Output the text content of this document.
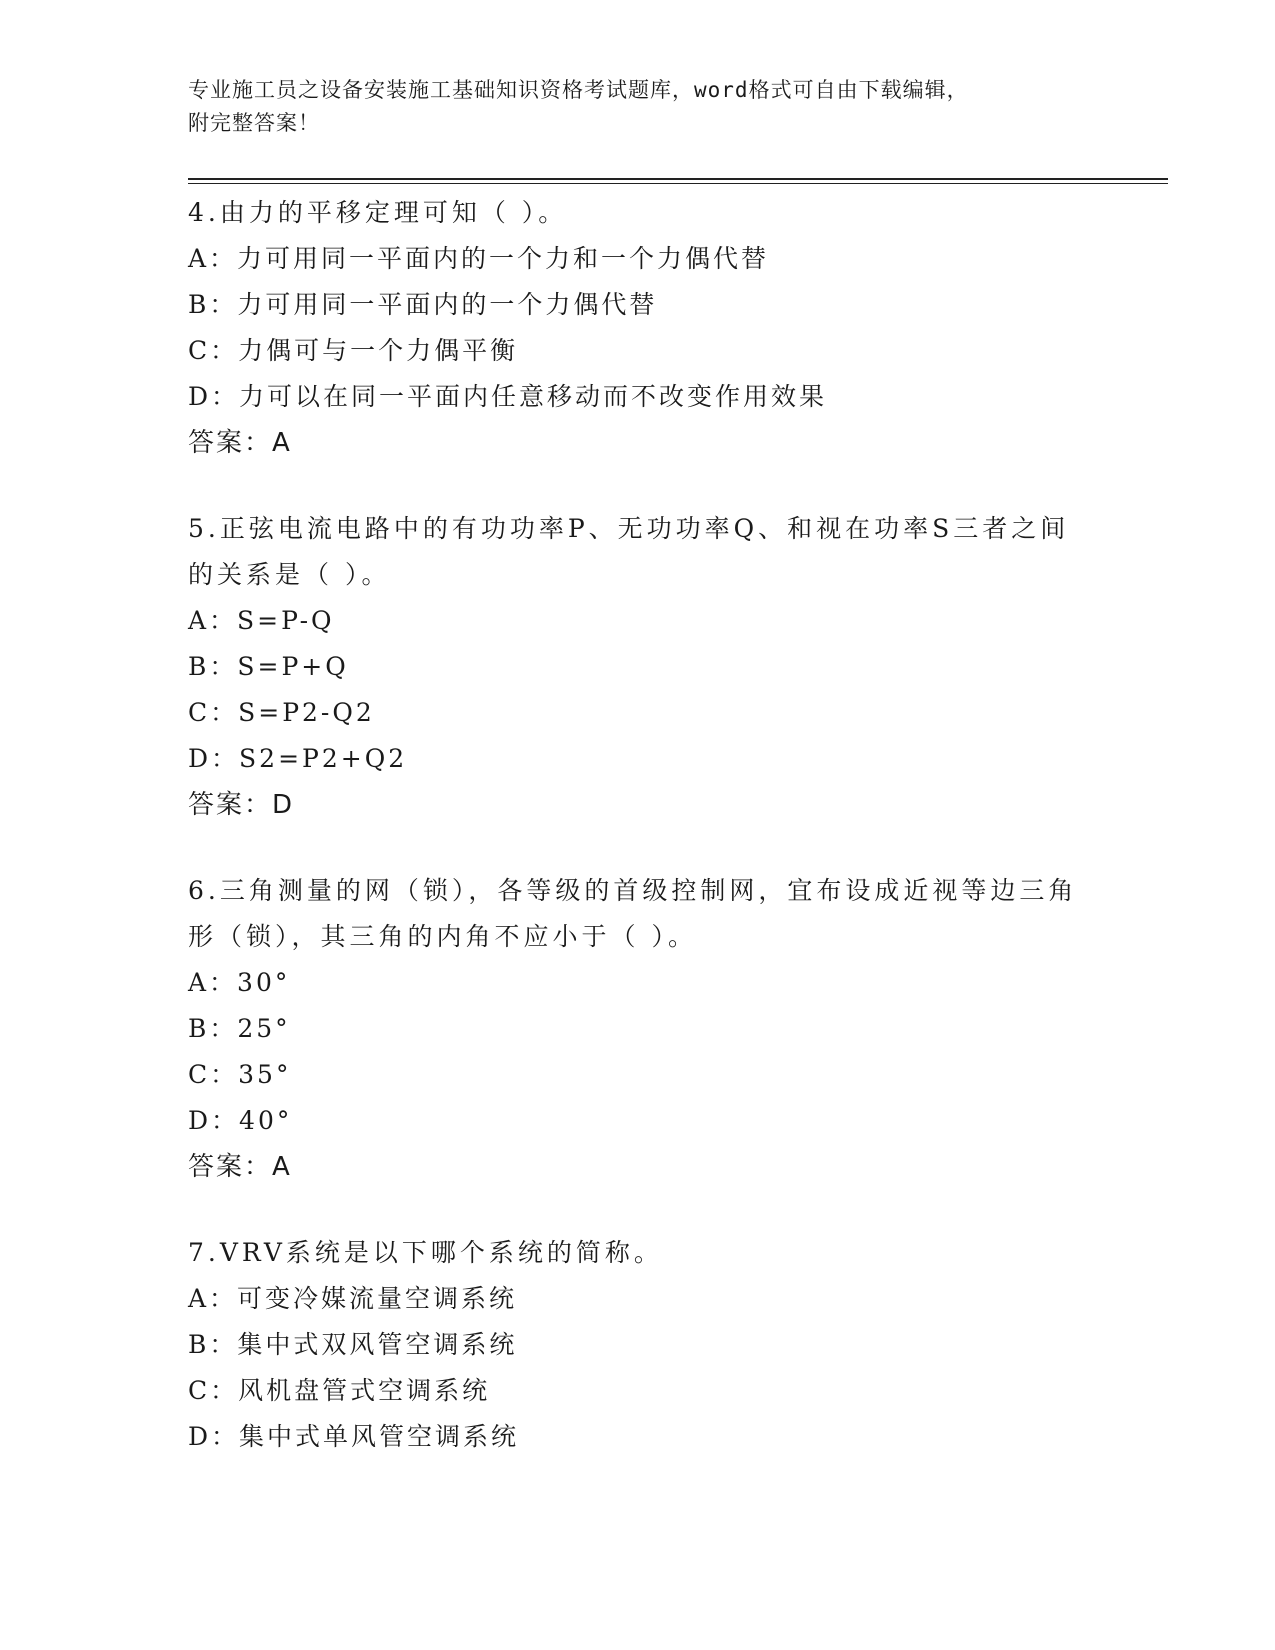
专业施工员之设备安装施工基础知识资格考试题库，word格式可自由下载编辑，
附完整答案！

4.由力的平移定理可知（ ）。

A：力可用同一平面内的一个力和一个力偶代替
B：力可用同一平面内的一个力偶代替
C：力偶可与一个力偶平衡
D：力可以在同一平面内任意移动而不改变作用效果
答案：A

5.正弦电流电路中的有功功率P、无功功率Q、和视在功率S三者之间的关系是（ ）。

A：S=P-Q
B：S=P+Q
C：S=P2-Q2
D：S2=P2+Q2
答案：D

6.三角测量的网（锁），各等级的首级控制网，宜布设成近视等边三角形（锁），其三角的内角不应小于（ ）。

A：30°
B：25°
C：35°
D：40°
答案：A

7.VRV系统是以下哪个系统的简称。

A：可变冷媒流量空调系统
B：集中式双风管空调系统
C：风机盘管式空调系统
D：集中式单风管空调系统
